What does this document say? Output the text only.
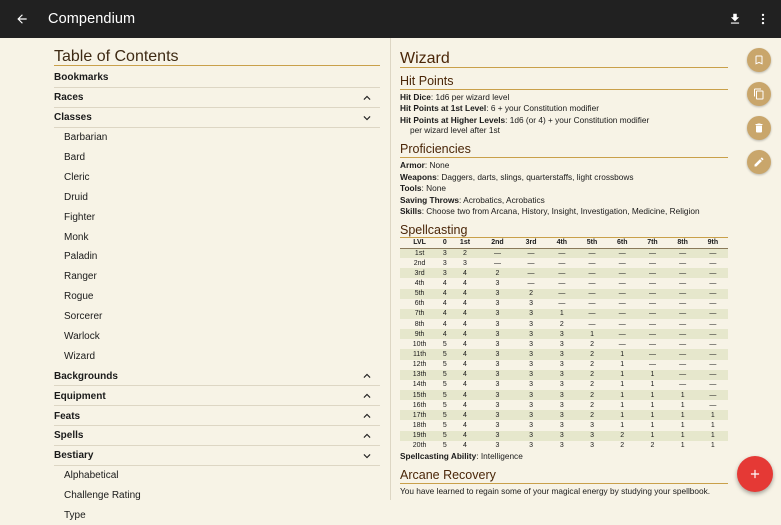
Compendium
Table of Contents
Bookmarks
Races
Classes
Barbarian
Bard
Cleric
Druid
Fighter
Monk
Paladin
Ranger
Rogue
Sorcerer
Warlock
Wizard
Backgrounds
Equipment
Feats
Spells
Bestiary
Alphabetical
Challenge Rating
Type
Wizard
Hit Points
Hit Dice: 1d6 per wizard level
Hit Points at 1st Level: 6 + your Constitution modifier
Hit Points at Higher Levels: 1d6 (or 4) + your Constitution modifier
per wizard level after 1st
Proficiencies
Armor: None
Weapons: Daggers, darts, slings, quarterstaffs, light crossbows
Tools: None
Saving Throws: Acrobatics, Acrobatics
Skills: Choose two from Arcana, History, Insight, Investigation, Medicine, Religion
Spellcasting
LVL	0	1st	2nd	3rd	4th	5th	6th	7th	8th	9th
1st	3	2	—	—	—	—	—	—	—	—
2nd	3	3	—	—	—	—	—	—	—	—
3rd	3	4	2	—	—	—	—	—	—	—
4th	4	4	3	—	—	—	—	—	—	—
5th	4	4	3	2	—	—	—	—	—	—
6th	4	4	3	3	—	—	—	—	—	—
7th	4	4	3	3	1	—	—	—	—	—
8th	4	4	3	3	2	—	—	—	—	—
9th	4	4	3	3	3	1	—	—	—	—
10th	5	4	3	3	3	2	—	—	—	—
11th	5	4	3	3	3	2	1	—	—	—
12th	5	4	3	3	3	2	1	—	—	—
13th	5	4	3	3	3	2	1	1	—	—
14th	5	4	3	3	3	2	1	1	—	—
15th	5	4	3	3	3	2	1	1	1	—
16th	5	4	3	3	3	2	1	1	1	—
17th	5	4	3	3	3	2	1	1	1	1
18th	5	4	3	3	3	3	1	1	1	1
19th	5	4	3	3	3	3	2	1	1	1
20th	5	4	3	3	3	3	2	2	1	1
Spellcasting Ability: Intelligence
Arcane Recovery
You have learned to regain some of your magical energy by studying your spellbook.
